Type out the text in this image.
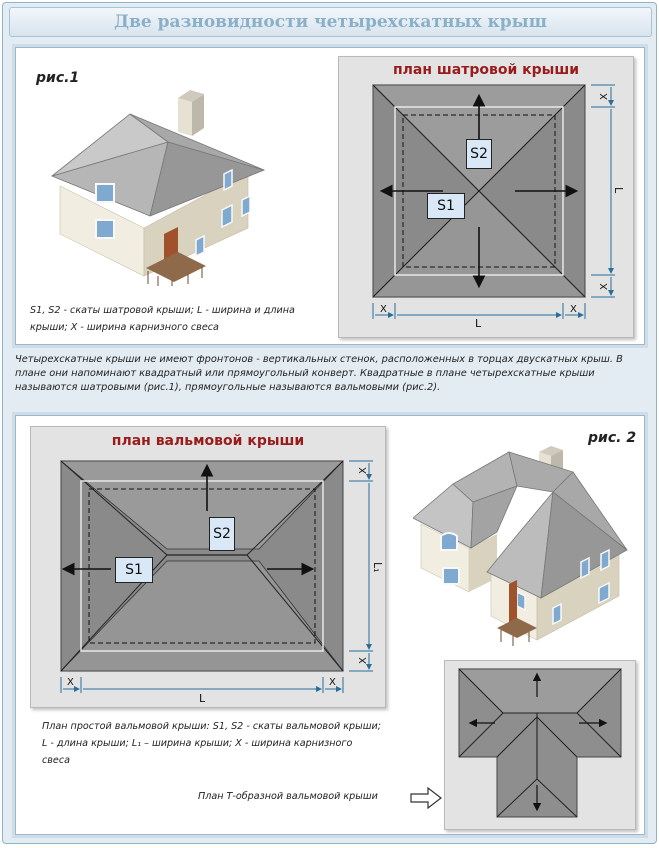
Две разновидности четырехскатных крыш
рис.1
S1, S2 - скаты шатровой крыши; L - ширина и длина крыши; X - ширина карнизного свеса
план шатровой крыши
X
L
X
X
L
X
S2
S1
Четырехскатные крыши не имеют фронтонов - вертикальных стенок, расположенных в торцах двускатных крыш. В плане они напоминают квадратный или прямоугольный конверт. Квадратные в плане четырехскатные крыши называются шатровыми (рис.1), прямоугольные называются вальмовыми (рис.2).
план вальмовой крыши
X
L
X
X
L₁
X
S2
S1
рис. 2
План простой вальмовой крыши: S1, S2 - скаты вальмовой крыши; L - длина крыши; L₁ – ширина крыши; X - ширина карнизного свеса
План Т-образной вальмовой крыши
